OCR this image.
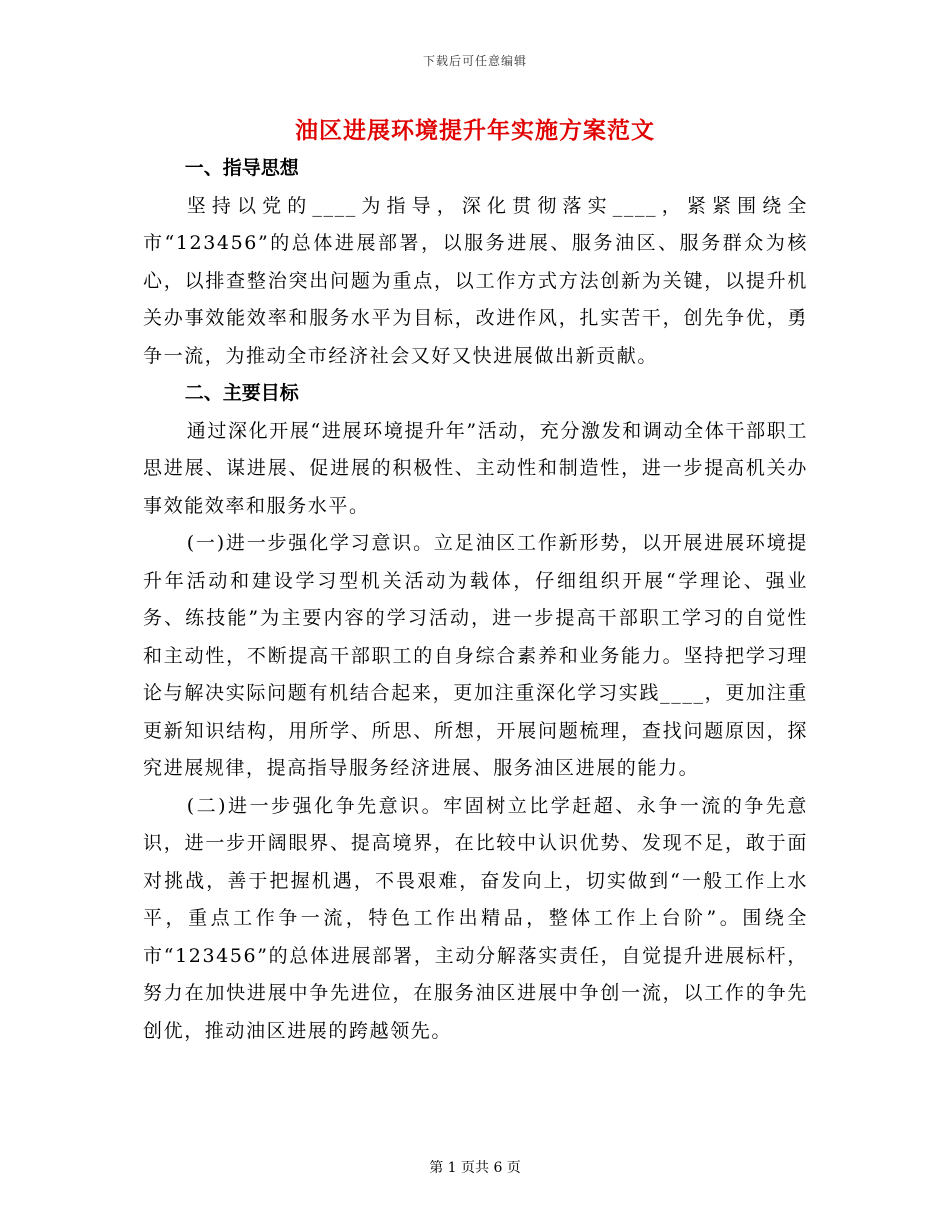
下载后可任意编辑
油区进展环境提升年实施方案范文

一、指导思想

坚持以党的____为指导，深化贯彻落实____，紧紧围绕全市“123456”的总体进展部署，以服务进展、服务油区、服务群众为核心，以排查整治突出问题为重点，以工作方式方法创新为关键，以提升机关办事效能效率和服务水平为目标，改进作风，扎实苦干，创先争优，勇争一流，为推动全市经济社会又好又快进展做出新贡献。

二、主要目标

通过深化开展“进展环境提升年”活动，充分激发和调动全体干部职工思进展、谋进展、促进展的积极性、主动性和制造性，进一步提高机关办事效能效率和服务水平。

(一)进一步强化学习意识。立足油区工作新形势，以开展进展环境提升年活动和建设学习型机关活动为载体，仔细组织开展“学理论、强业务、练技能”为主要内容的学习活动，进一步提高干部职工学习的自觉性和主动性，不断提高干部职工的自身综合素养和业务能力。坚持把学习理论与解决实际问题有机结合起来，更加注重深化学习实践____，更加注重更新知识结构，用所学、所思、所想，开展问题梳理，查找问题原因，探究进展规律，提高指导服务经济进展、服务油区进展的能力。

(二)进一步强化争先意识。牢固树立比学赶超、永争一流的争先意识，进一步开阔眼界、提高境界，在比较中认识优势、发现不足，敢于面对挑战，善于把握机遇，不畏艰难，奋发向上，切实做到“一般工作上水平，重点工作争一流，特色工作出精品，整体工作上台阶”。围绕全市“123456”的总体进展部署，主动分解落实责任，自觉提升进展标杆，努力在加快进展中争先进位，在服务油区进展中争创一流，以工作的争先创优，推动油区进展的跨越领先。

第 1 页共 6 页
